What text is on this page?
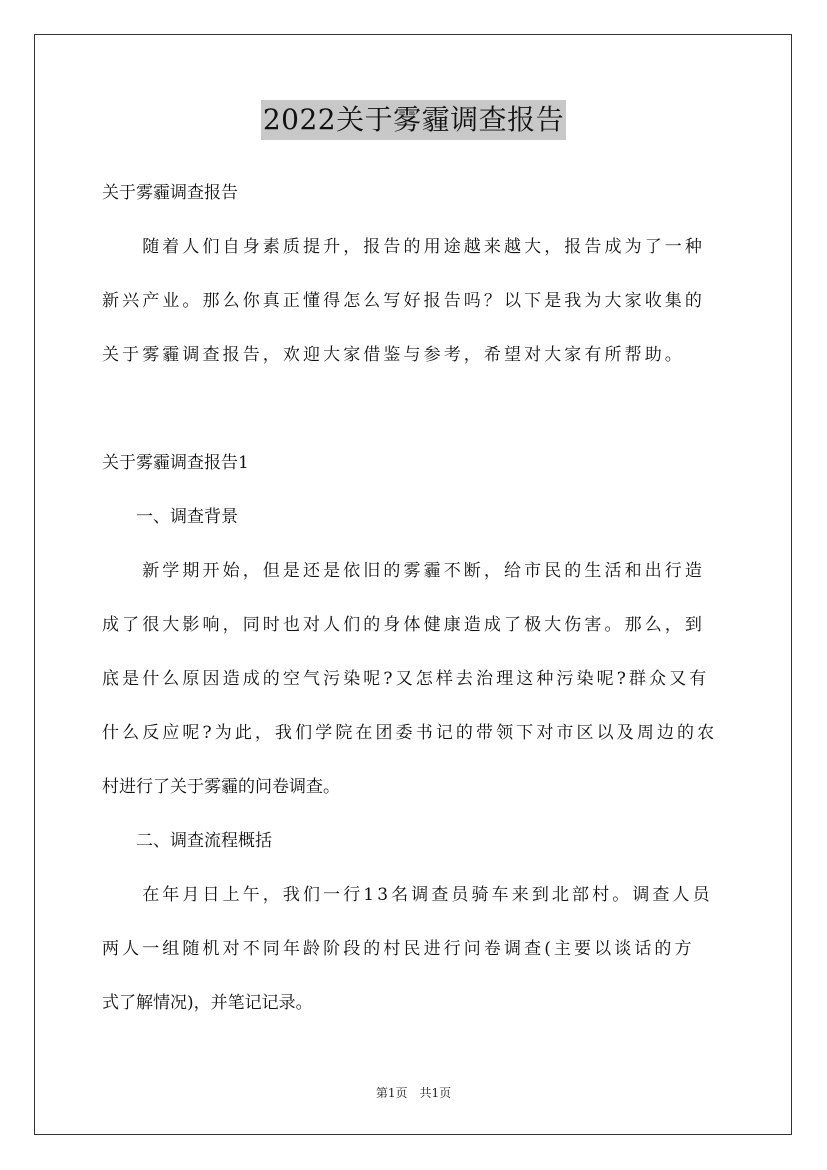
2022关于雾霾调查报告
关于雾霾调查报告
　　随着人们自身素质提升，报告的用途越来越大，报告成为了一种
新兴产业。那么你真正懂得怎么写好报告吗？以下是我为大家收集的
关于雾霾调查报告，欢迎大家借鉴与参考，希望对大家有所帮助。
关于雾霾调查报告1
　　一、调查背景
　　新学期开始，但是还是依旧的雾霾不断，给市民的生活和出行造
成了很大影响，同时也对人们的身体健康造成了极大伤害。那么，到
底是什么原因造成的空气污染呢?又怎样去治理这种污染呢?群众又有
什么反应呢?为此，我们学院在团委书记的带领下对市区以及周边的农
村进行了关于雾霾的问卷调查。
　　二、调查流程概括
　　在年月日上午，我们一行13名调查员骑车来到北部村。调查人员
两人一组随机对不同年龄阶段的村民进行问卷调查(主要以谈话的方
式了解情况)，并笔记记录。
第1页　共1页
